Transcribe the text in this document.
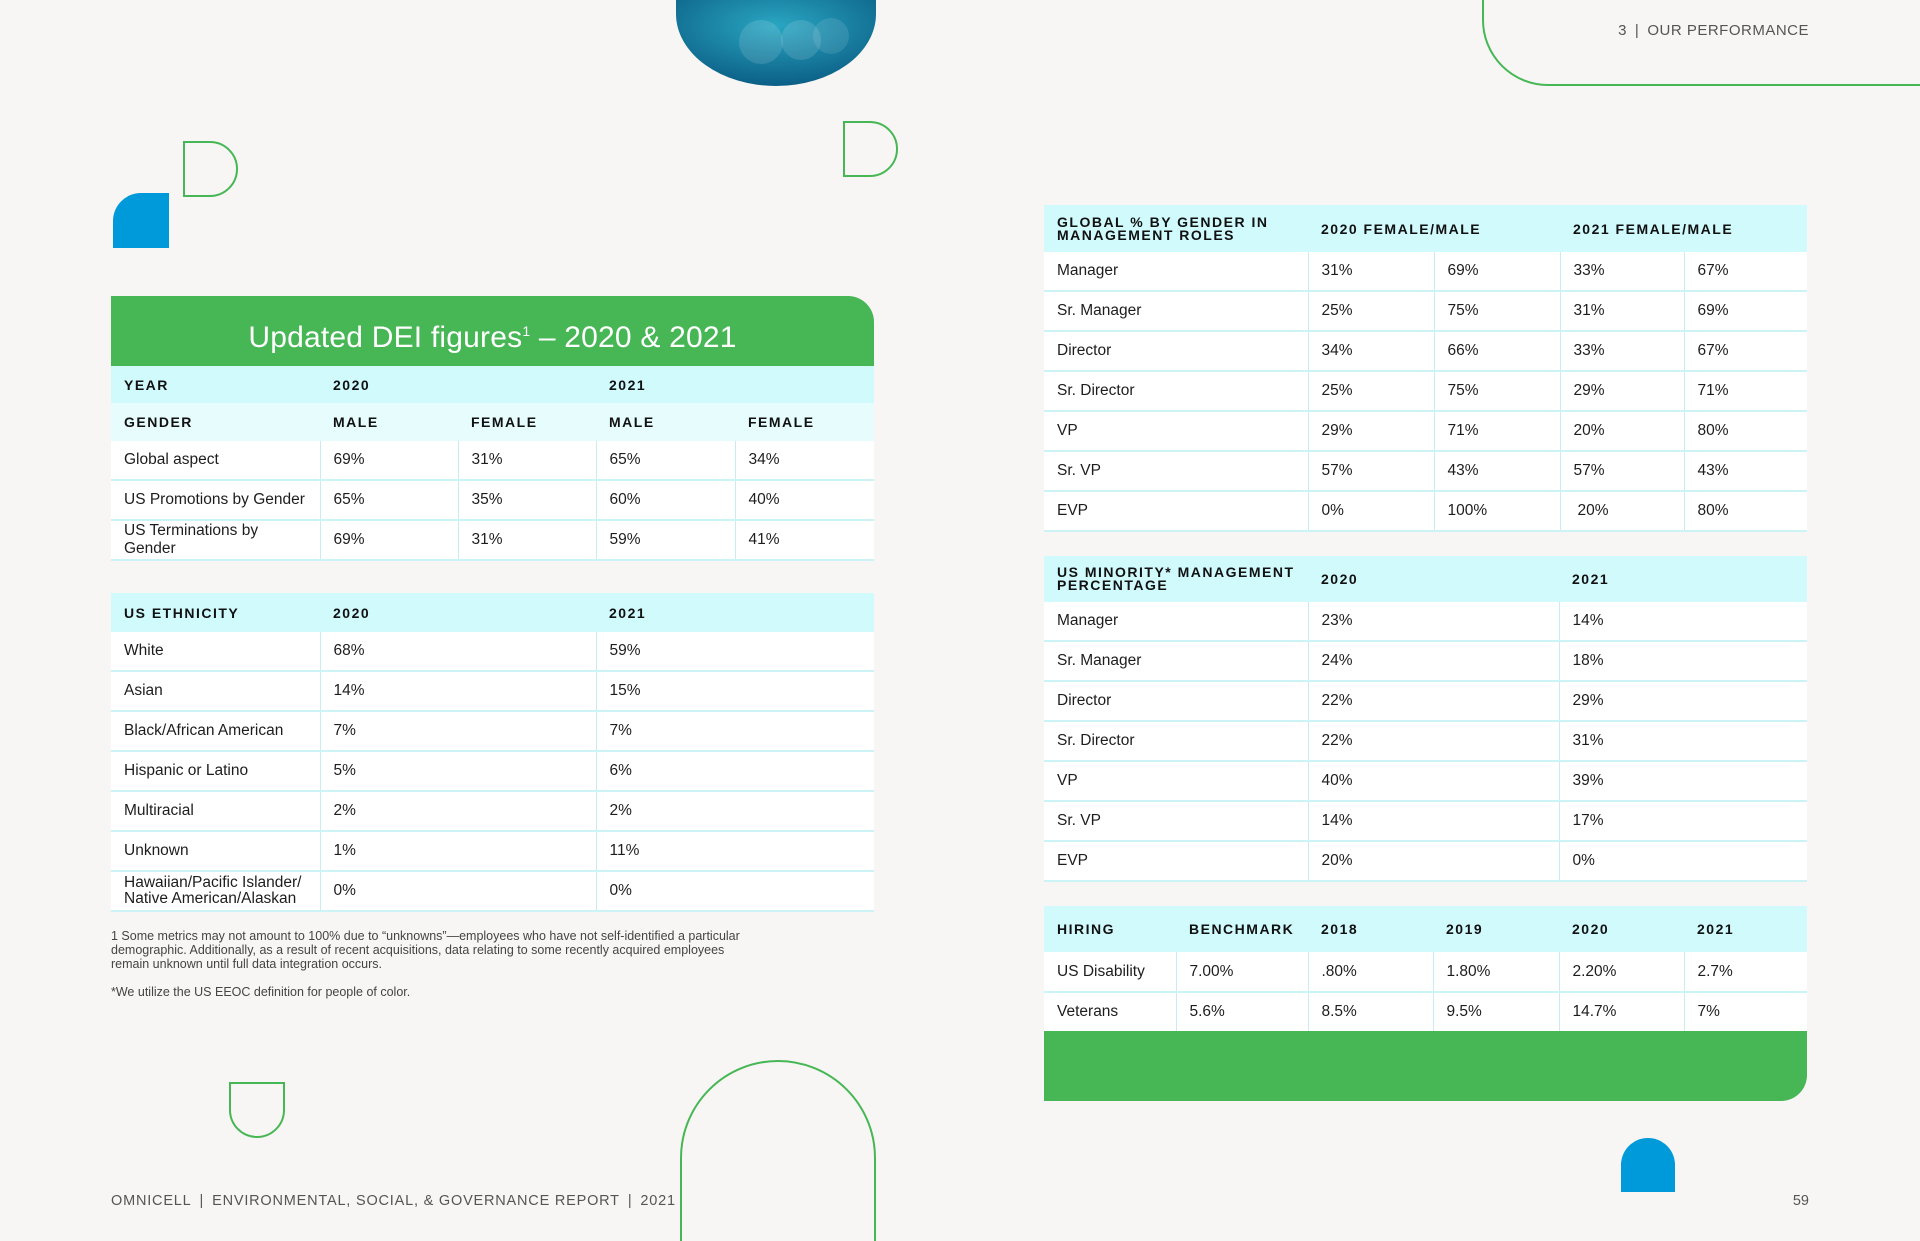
3 | OUR PERFORMANCE
OMNICELL | ENVIRONMENTAL, SOCIAL, & GOVERNANCE REPORT | 2021	59
Updated DEI figures$^1$ – 2020 & 2021
YEAR	2020		2021	
GENDER	MALE	FEMALE	MALE	FEMALE
Global aspect	69%	31%	65%	34%
US Promotions by Gender	65%	35%	60%	40%
US Terminations by Gender	69%	31%	59%	41%
US ETHNICITY	2020	2021
White	68%	59%
Asian	14%	15%
Black/African American	7%	7%
Hispanic or Latino	5%	6%
Multiracial	2%	2%
Unknown	1%	11%
Hawaiian/Pacific Islander/
Native American/Alaskan	0%	0%
1 Some metrics may not amount to 100% due to “unknowns”—employees who have not self-identified a particular demographic. Additionally, as a result of recent acquisitions, data relating to some recently acquired employees remain unknown until full data integration occurs.
*We utilize the US EEOC definition for people of color.
GLOBAL % BY GENDER IN
MANAGEMENT ROLES	2020 FEMALE/MALE		2021 FEMALE/MALE	
Manager	31%	69%	33%	67%
Sr. Manager	25%	75%	31%	69%
Director	34%	66%	33%	67%
Sr. Director	25%	75%	29%	71%
VP	29%	71%	20%	80%
Sr. VP	57%	43%	57%	43%
EVP	0%	100%	20%	80%
US MINORITY* MANAGEMENT
PERCENTAGE	2020	2021
Manager	23%	14%
Sr. Manager	24%	18%
Director	22%	29%
Sr. Director	22%	31%
VP	40%	39%
Sr. VP	14%	17%
EVP	20%	0%
HIRING	BENCHMARK	2018	2019	2020	2021
US Disability	7.00%	.80%	1.80%	2.20%	2.7%
Veterans	5.6%	8.5%	9.5%	14.7%	7%
